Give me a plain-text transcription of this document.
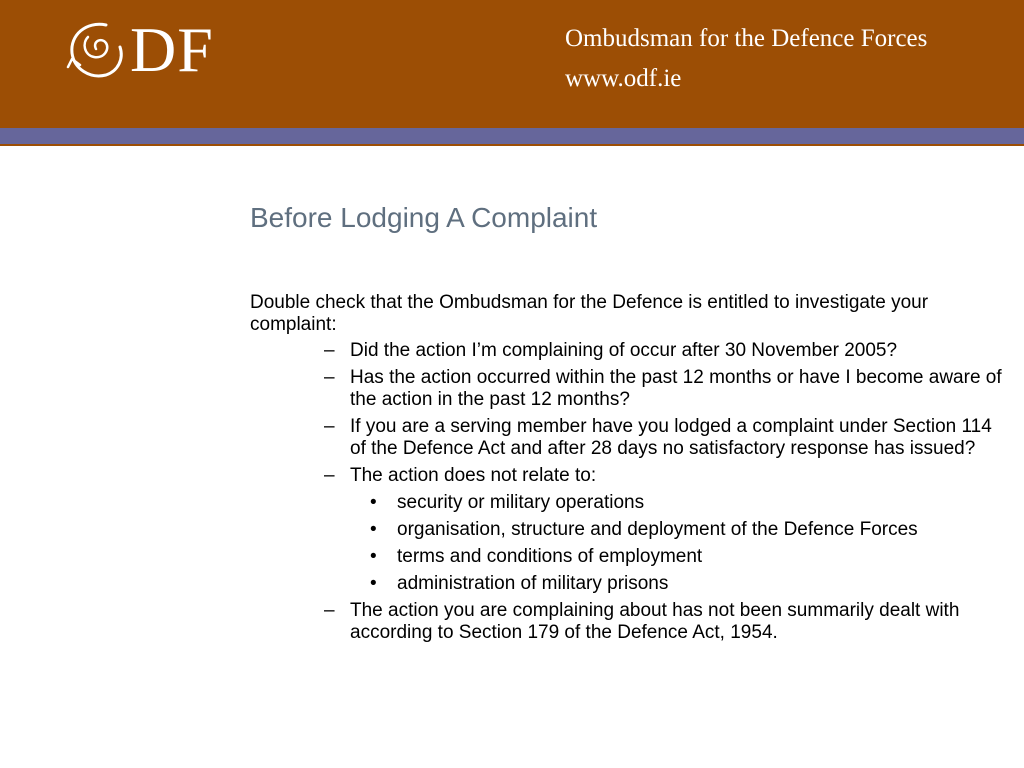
DF	Ombudsman for the Defence Forces
www.odf.ie
Before Lodging A Complaint

Double check that the Ombudsman for the Defence is entitled to investigate your complaint:

– Did the action I’m complaining of occur after 30 November 2005?
– Has the action occurred within the past 12 months or have I become aware of the action in the past 12 months?
– If you are a serving member have you lodged a complaint under Section 114 of the Defence Act and after 28 days no satisfactory response has issued?
– The action does not relate to:
• security or military operations
• organisation, structure and deployment of the Defence Forces
• terms and conditions of employment
• administration of military prisons
– The action you are complaining about has not been summarily dealt with according to Section 179 of the Defence Act, 1954.
